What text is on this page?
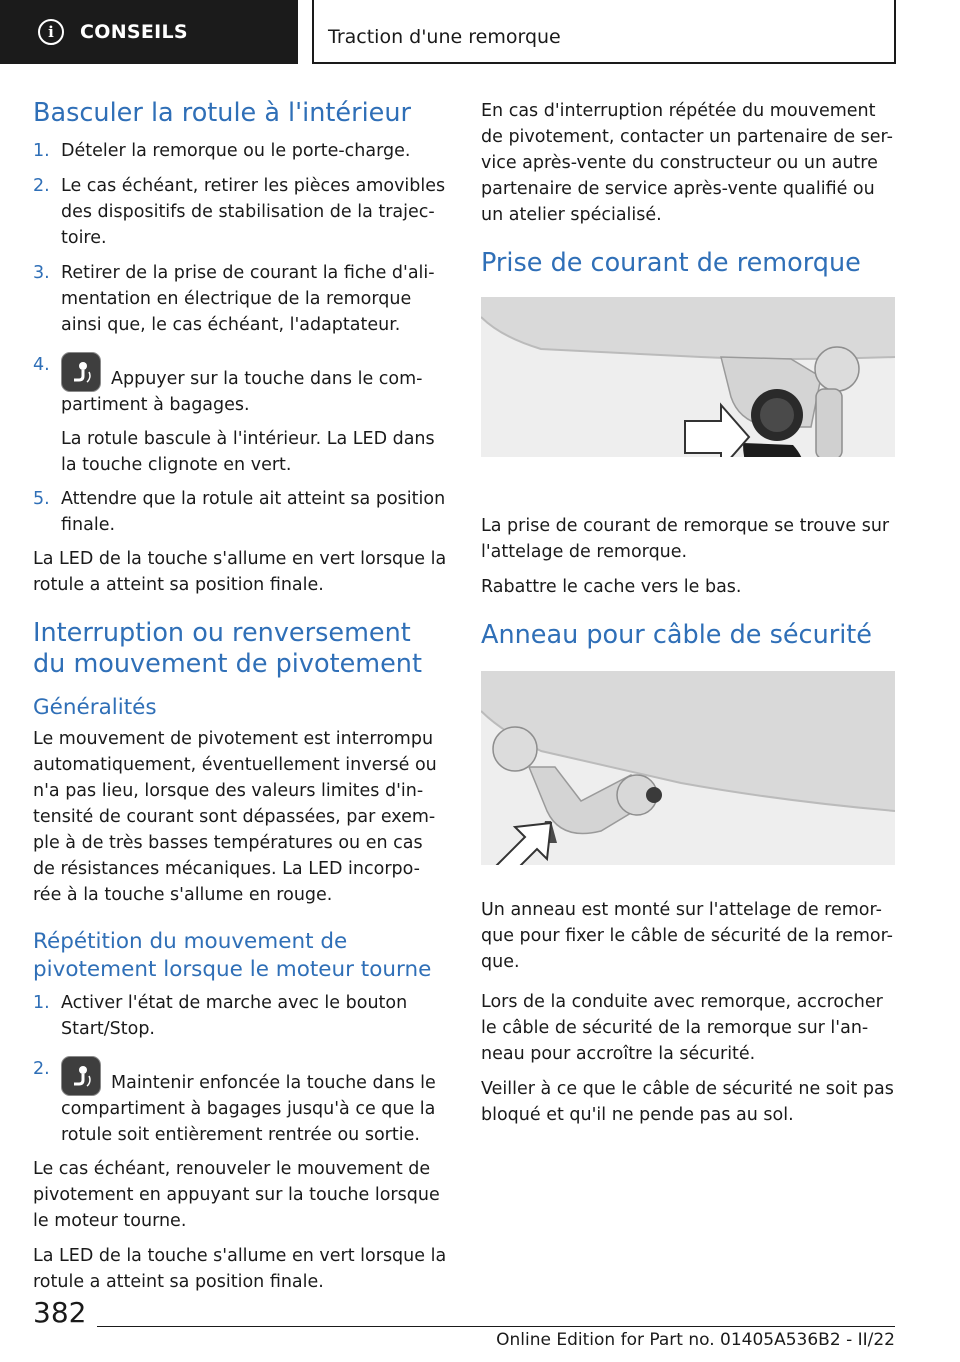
i	CONSEILS	Traction d'une remorque
Basculer la rotule à l'intérieur
1. Dételer la remorque ou le porte-charge.
2. Le cas échéant, retirer les pièces amovibles des dispositifs de stabilisation de la trajec-toire.
3. Retirer de la prise de courant la fiche d'ali-mentation en électrique de la remorque ainsi que, le cas échéant, l'adaptateur.
4.
Appuyer sur la touche dans le com-partiment à bagages.
La rotule bascule à l'intérieur. La LED dans la touche clignote en vert.
5. Attendre que la rotule ait atteint sa position finale.

La LED de la touche s'allume en vert lorsque la rotule a atteint sa position finale.

Interruption ou renversement du mouvement de pivotement
Généralités

Le mouvement de pivotement est interrompu automatiquement, éventuellement inversé ou n'a pas lieu, lorsque des valeurs limites d'in-tensité de courant sont dépassées, par exem-ple à de très basses températures ou en cas de résistances mécaniques. La LED incorpo-rée à la touche s'allume en rouge.

Répétition du mouvement de pivotement lorsque le moteur tourne
1. Activer l'état de marche avec le bouton Start/Stop.
2.
Maintenir enfoncée la touche dans le compartiment à bagages jusqu'à ce que la rotule soit entièrement rentrée ou sortie.

Le cas échéant, renouveler le mouvement de pivotement en appuyant sur la touche lorsque le moteur tourne.

La LED de la touche s'allume en vert lorsque la rotule a atteint sa position finale.

En cas d'interruption répétée du mouvement de pivotement, contacter un partenaire de ser-vice après-vente du constructeur ou un autre partenaire de service après-vente qualifié ou un atelier spécialisé.

Prise de courant de remorque

La prise de courant de remorque se trouve sur l'attelage de remorque.

Rabattre le cache vers le bas.

Anneau pour câble de sécurité

Un anneau est monté sur l'attelage de remor-que pour fixer le câble de sécurité de la remor-que.

Lors de la conduite avec remorque, accrocher le câble de sécurité de la remorque sur l'an-neau pour accroître la sécurité.

Veiller à ce que le câble de sécurité ne soit pas bloqué et qu'il ne pende pas au sol.

382
Online Edition for Part no. 01405A536B2 - II/22
